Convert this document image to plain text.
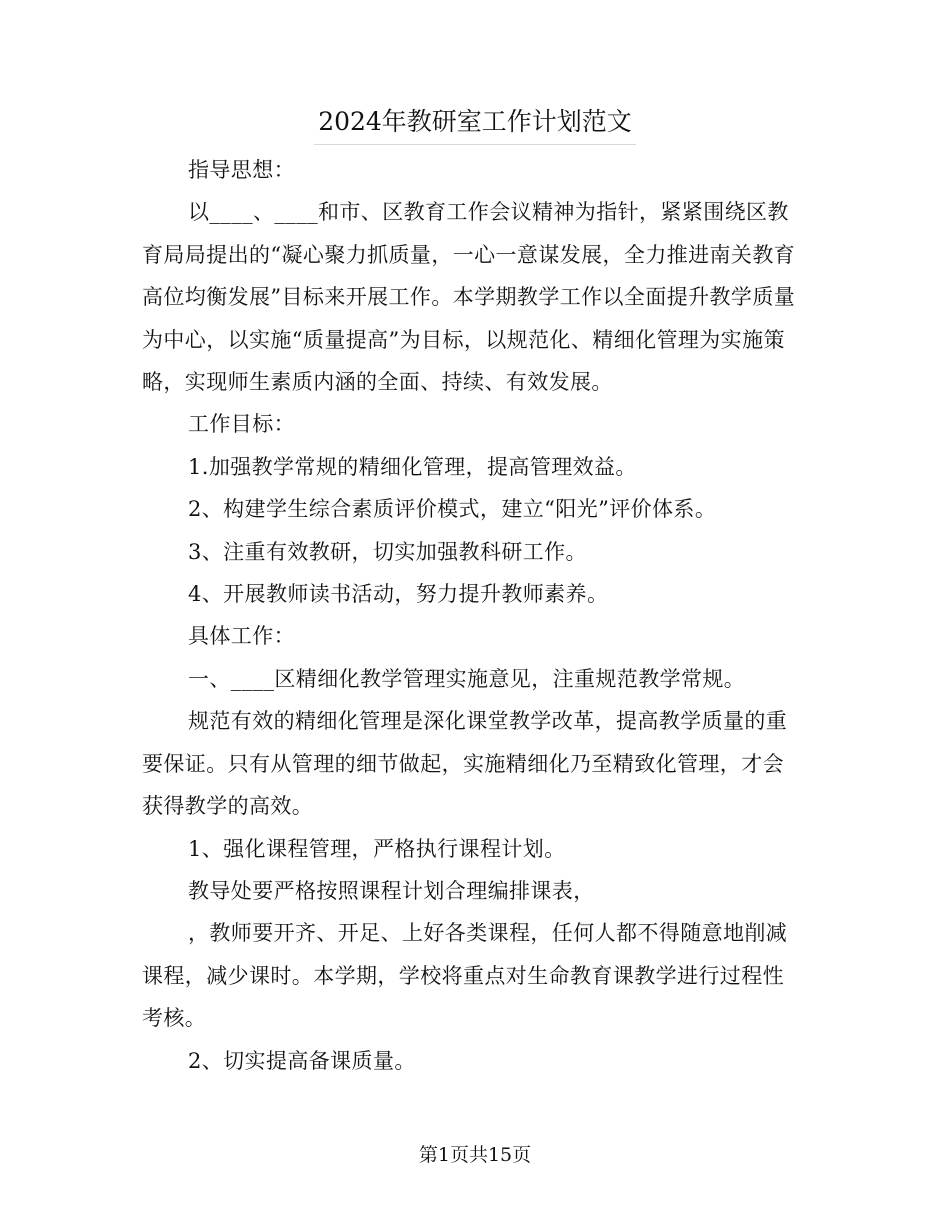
2024年教研室工作计划范文

指导思想：

以____、____和市、区教育工作会议精神为指针，紧紧围绕区教育局局提出的“凝心聚力抓质量，一心一意谋发展，全力推进南关教育高位均衡发展”目标来开展工作。本学期教学工作以全面提升教学质量为中心，以实施“质量提高”为目标，以规范化、精细化管理为实施策略，实现师生素质内涵的全面、持续、有效发展。

工作目标：

1.加强教学常规的精细化管理，提高管理效益。

2、构建学生综合素质评价模式，建立“阳光”评价体系。

3、注重有效教研，切实加强教科研工作。

4、开展教师读书活动，努力提升教师素养。

具体工作：

一、____区精细化教学管理实施意见，注重规范教学常规。

规范有效的精细化管理是深化课堂教学改革，提高教学质量的重要保证。只有从管理的细节做起，实施精细化乃至精致化管理，才会获得教学的高效。

1、强化课程管理，严格执行课程计划。

教导处要严格按照课程计划合理编排课表，

，教师要开齐、开足、上好各类课程，任何人都不得随意地削减课程，减少课时。本学期，学校将重点对生命教育课教学进行过程性考核。

2、切实提高备课质量。

第1页共15页
